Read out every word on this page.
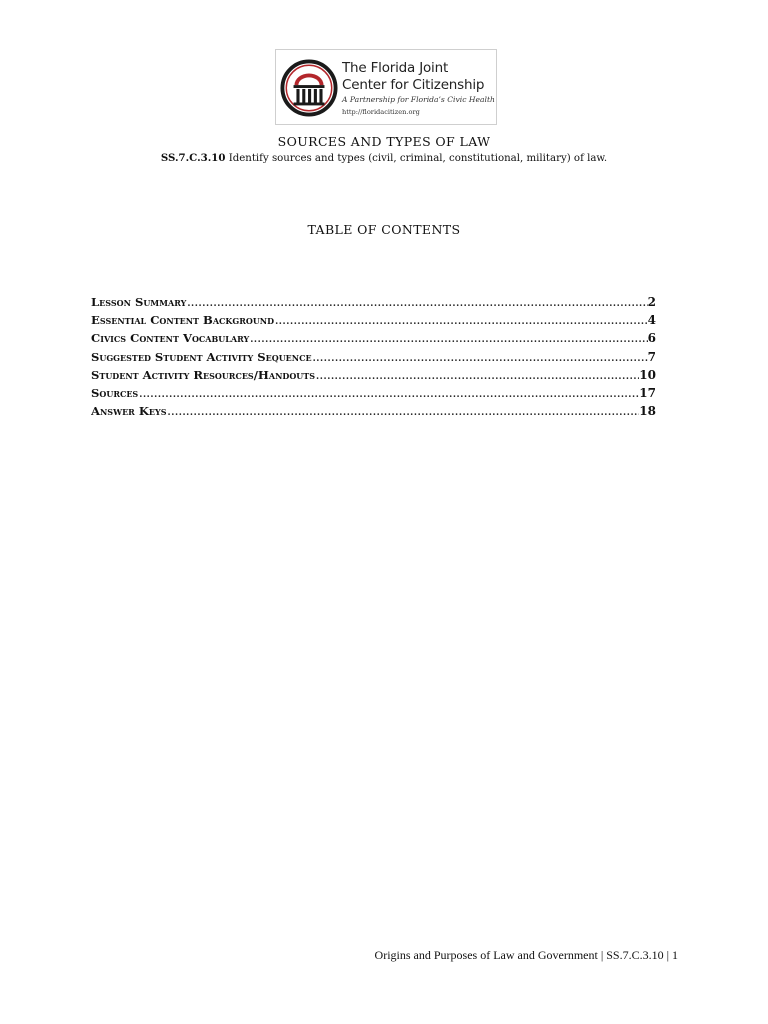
The Florida Joint
Center for Citizenship
A Partnership for Florida’s Civic Health
http://floridacitizen.org
SOURCES AND TYPES OF LAW
SS.7.C.3.10 Identify sources and types (civil, criminal, constitutional, military) of law.
TABLE OF CONTENTS
Lesson Summary .....	2
Essential Content Background .....	4
Civics Content Vocabulary .....	6
Suggested Student Activity Sequence .....	7
Student Activity Resources/Handouts .....	10
Sources .....	17
Answer Keys .....	18
Origins and Purposes of Law and Government | SS.7.C.3.10 | 1
